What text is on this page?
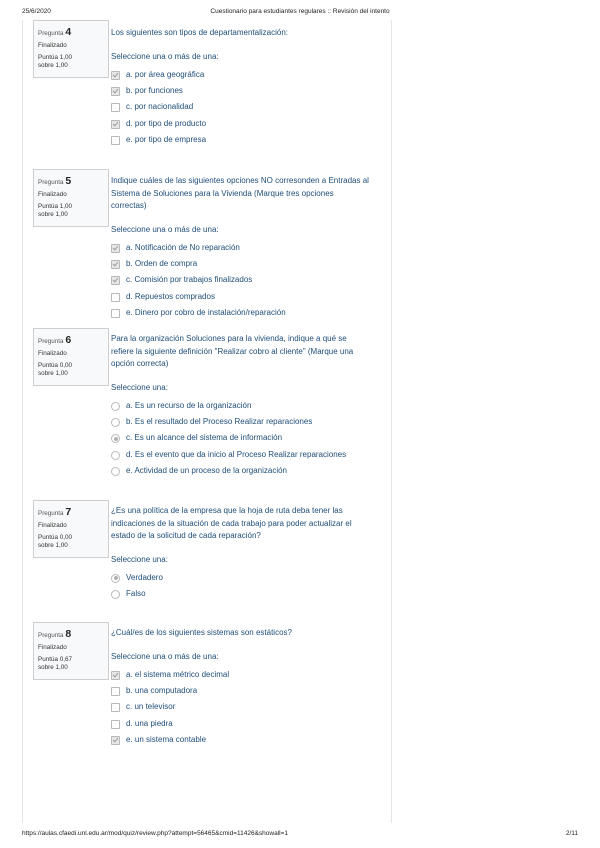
25/6/2020	Cuestionario para estudiantes regulares :: Revisión del intento
Pregunta 4
Finalizado
Puntúa 1,00
sobre 1,00

Los siguientes son tipos de departamentalización:

Seleccione una o más de una:
a. por área geográfica
b. por funciones
c. por nacionalidad
d. por tipo de producto
e. por tipo de empresa
Pregunta 5
Finalizado
Puntúa 1,00
sobre 1,00

Indique cuáles de las siguientes opciones NO corresonden a Entradas al Sistema de Soluciones para la Vivienda (Marque tres opciones correctas)

Seleccione una o más de una:
a. Notificación de No reparación
b. Orden de compra
c. Comisión por trabajos finalizados
d. Repuestos comprados
e. Dinero por cobro de instalación/reparación
Pregunta 6
Finalizado
Puntúa 0,00
sobre 1,00

Para la organización Soluciones para la vivienda, indique a qué se refiere la siguiente definición "Realizar cobro al cliente" (Marque una opción correcta)

Seleccione una:
a. Es un recurso de la organización
b. Es el resultado del Proceso Realizar reparaciones
c. Es un alcance del sistema de información
d. Es el evento que da inicio al Proceso Realizar reparaciones
e. Actividad de un proceso de la organización
Pregunta 7
Finalizado
Puntúa 0,00
sobre 1,00

¿Es una política de la empresa que la hoja de ruta deba tener las indicaciones de la situación de cada trabajo para poder actualizar el estado de la solicitud de cada reparación?

Seleccione una:
Verdadero
Falso
Pregunta 8
Finalizado
Puntúa 0,67
sobre 1,00

¿Cuál/es de los siguientes sistemas son estáticos?

Seleccione una o más de una:
a. el sistema métrico decimal
b. una computadora
c. un televisor
d. una piedra
e. un sistema contable
https://aulas.cfaedi.unl.edu.ar/mod/quiz/review.php?attempt=56465&cmid=11426&showall=1	2/11
